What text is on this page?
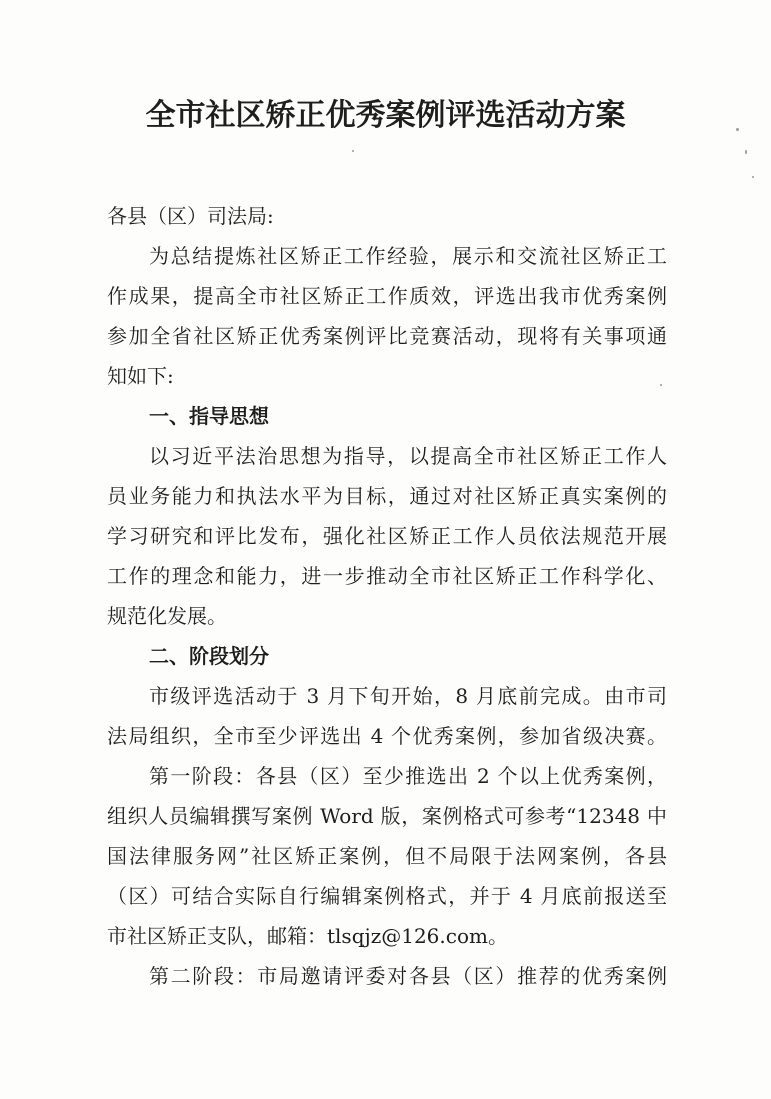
全市社区矫正优秀案例评选活动方案
各县（区）司法局:
为总结提炼社区矫正工作经验，展示和交流社区矫正工
作成果，提高全市社区矫正工作质效，评选出我市优秀案例
参加全省社区矫正优秀案例评比竞赛活动，现将有关事项通
知如下:
一、指导思想
以习近平法治思想为指导，以提高全市社区矫正工作人
员业务能力和执法水平为目标，通过对社区矫正真实案例的
学习研究和评比发布，强化社区矫正工作人员依法规范开展
工作的理念和能力，进一步推动全市社区矫正工作科学化、
规范化发展。
二、阶段划分
市级评选活动于 3 月下旬开始，8 月底前完成。由市司
法局组织，全市至少评选出 4 个优秀案例，参加省级决赛。
第一阶段：各县（区）至少推选出 2 个以上优秀案例，
组织人员编辑撰写案例 Word 版，案例格式可参考“12348 中
国法律服务网”社区矫正案例，但不局限于法网案例，各县
（区）可结合实际自行编辑案例格式，并于 4 月底前报送至
市社区矫正支队，邮箱：tlsqjz@126.com。
第二阶段：市局邀请评委对各县（区）推荐的优秀案例
